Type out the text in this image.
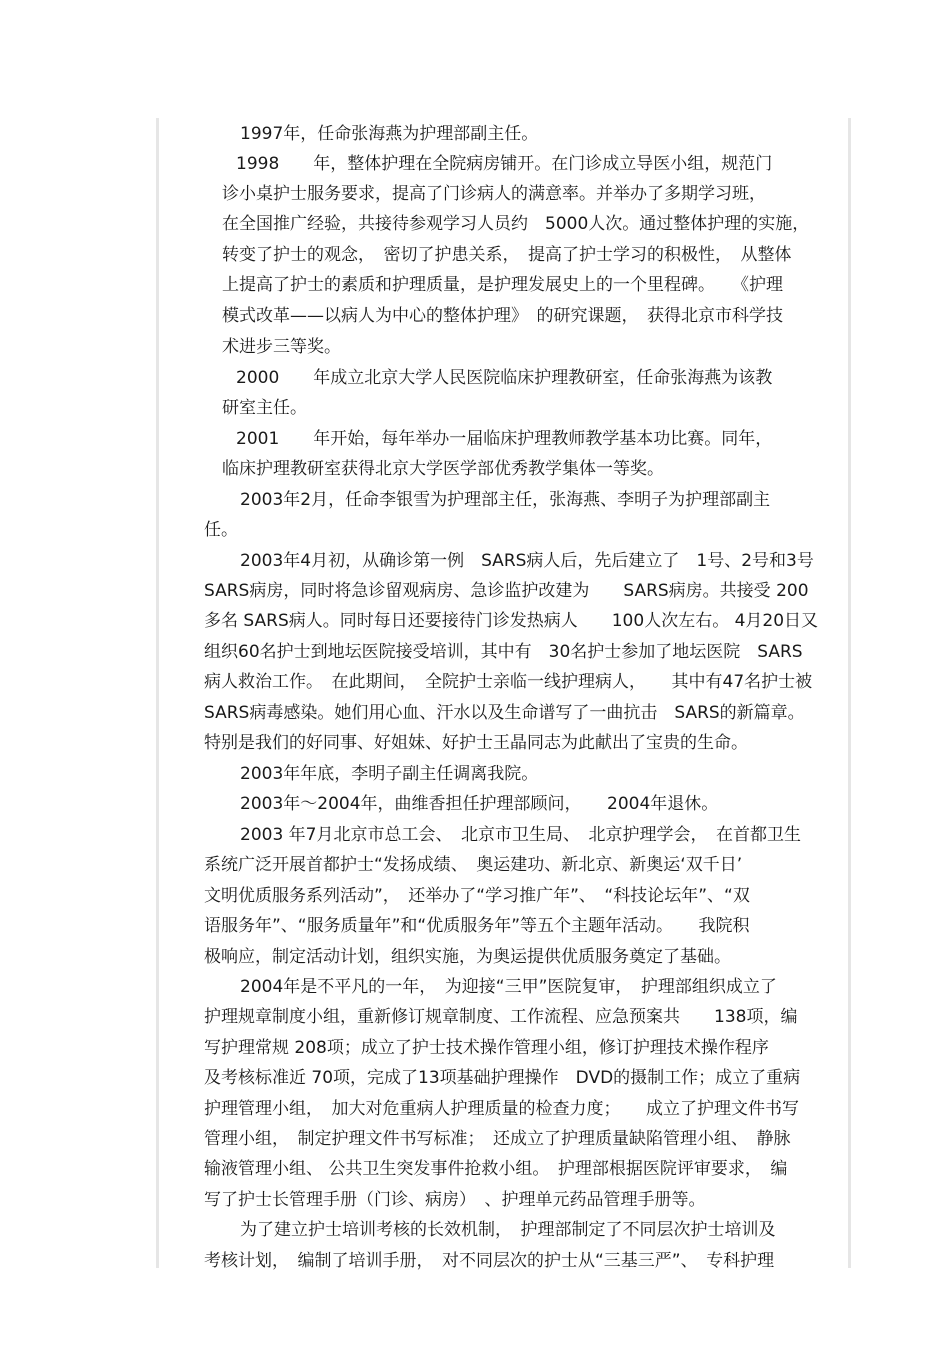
1997年，任命张海燕为护理部副主任。
1998　　年，整体护理在全院病房铺开。在门诊成立导医小组，规范门
诊小桌护士服务要求，提高了门诊病人的满意率。并举办了多期学习班，
在全国推广经验，共接待参观学习人员约　5000人次。通过整体护理的实施，
转变了护士的观念，　密切了护患关系，　提高了护士学习的积极性，　从整体
上提高了护士的素质和护理质量，是护理发展史上的一个里程碑。　　《护理
模式改革——以病人为中心的整体护理》　的研究课题，　获得北京市科学技
术进步三等奖。
2000　　年成立北京大学人民医院临床护理教研室，任命张海燕为该教
研室主任。
2001　　年开始，每年举办一届临床护理教师教学基本功比赛。同年，
临床护理教研室获得北京大学医学部优秀教学集体一等奖。
2003年2月，任命李银雪为护理部主任，张海燕、李明子为护理部副主
任。
2003年4月初，从确诊第一例　SARS病人后，先后建立了　1号、2号和3号
SARS病房，同时将急诊留观病房、急诊监护改建为　　SARS病房。共接受 200
多名 SARS病人。同时每日还要接待门诊发热病人　　100人次左右。 4月20日又
组织60名护士到地坛医院接受培训，其中有　30名护士参加了地坛医院　SARS
病人救治工作。　在此期间，　全院护士亲临一线护理病人，　　其中有47名护士被
SARS病毒感染。她们用心血、汗水以及生命谱写了一曲抗击　SARS的新篇章。
特别是我们的好同事、好姐妹、好护士王晶同志为此献出了宝贵的生命。
2003年年底，李明子副主任调离我院。
2003年～2004年，曲维香担任护理部顾问，　　2004年退休。
2003 年7月北京市总工会、　北京市卫生局、　北京护理学会，　在首都卫生
系统广泛开展首都护士“发扬成绩、　奥运建功、新北京、新奥运‘双千日’
文明优质服务系列活动”，　还举办了“学习推广年”、　“科技论坛年”、“双
语服务年”、“服务质量年”和“优质服务年”等五个主题年活动。　　我院积
极响应，制定活动计划，组织实施，为奥运提供优质服务奠定了基础。
2004年是不平凡的一年，　为迎接“三甲”医院复审，　护理部组织成立了
护理规章制度小组，重新修订规章制度、工作流程、应急预案共　　138项，编
写护理常规 208项；成立了护士技术操作管理小组，修订护理技术操作程序
及考核标准近 70项，完成了13项基础护理操作　DVD的摄制工作；成立了重病
护理管理小组，　加大对危重病人护理质量的检查力度；　　成立了护理文件书写
管理小组，　制定护理文件书写标准；　还成立了护理质量缺陷管理小组、　静脉
输液管理小组、 公共卫生突发事件抢救小组。　护理部根据医院评审要求，　编
写了护士长管理手册（门诊、病房）　、护理单元药品管理手册等。
为了建立护士培训考核的长效机制，　护理部制定了不同层次护士培训及
考核计划，　编制了培训手册，　对不同层次的护士从“三基三严”、　专科护理
